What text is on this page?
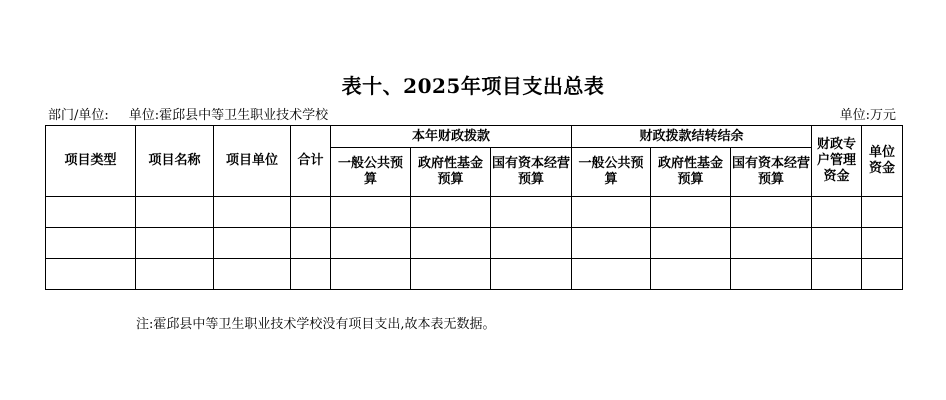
表十、2025年项目支出总表
部门/单位: 单位:霍邱县中等卫生职业技术学校	单位:万元
项目类型	项目名称	项目单位	合计	本年财政拨款			财政拨款结转结余			财政专户管理资金	单位资金
				一般公共预算	政府性基金预算	国有资本经营预算	一般公共预算	政府性基金预算	国有资本经营预算		

注:霍邱县中等卫生职业技术学校没有项目支出,故本表无数据。
